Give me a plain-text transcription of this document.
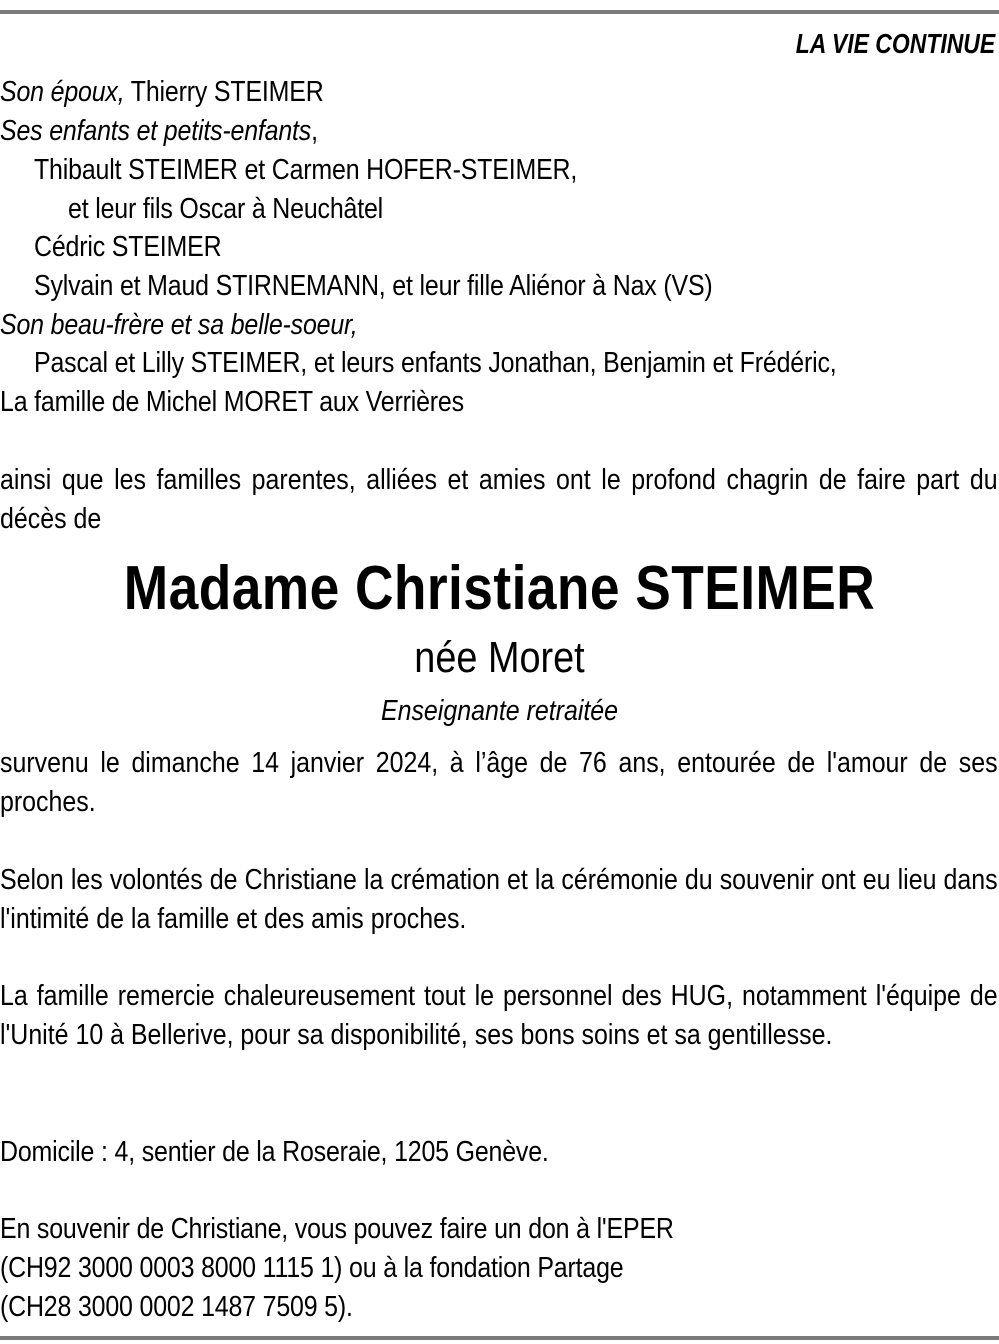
LA VIE CONTINUE
Son époux, Thierry STEIMER
Ses enfants et petits-enfants,
Thibault STEIMER et Carmen HOFER-STEIMER,
et leur fils Oscar à Neuchâtel
Cédric STEIMER
Sylvain et Maud STIRNEMANN, et leur fille Aliénor à Nax (VS)
Son beau-frère et sa belle-soeur,
Pascal et Lilly STEIMER, et leurs enfants Jonathan, Benjamin et Frédéric,
La famille de Michel MORET aux Verrières
ainsi que les familles parentes, alliées et amies ont le profond chagrin de faire part du décès de
Madame Christiane STEIMER
née Moret
Enseignante retraitée
survenu le dimanche 14 janvier 2024, à l’âge de 76 ans, entourée de l'amour de ses proches.
Selon les volontés de Christiane la crémation et la cérémonie du souvenir ont eu lieu dans l'intimité de la famille et des amis proches.
La famille remercie chaleureusement tout le personnel des HUG, notamment l'équipe de l'Unité 10 à Bellerive, pour sa disponibilité, ses bons soins et sa gentillesse.
Domicile : 4, sentier de la Roseraie, 1205 Genève.
En souvenir de Christiane, vous pouvez faire un don à l'EPER
(CH92 3000 0003 8000 1115 1) ou à la fondation Partage
(CH28 3000 0002 1487 7509 5).
